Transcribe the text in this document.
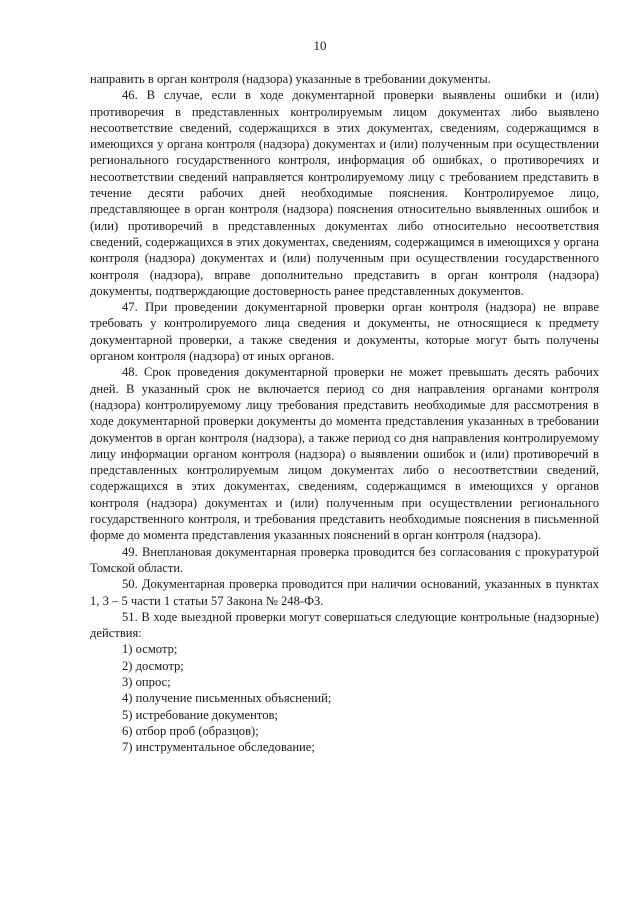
10

направить в орган контроля (надзора) указанные в требовании документы.

46. В случае, если в ходе документарной проверки выявлены ошибки и (или) противоречия в представленных контролируемым лицом документах либо выявлено несоответствие сведений, содержащихся в этих документах, сведениям, содержащимся в имеющихся у органа контроля (надзора) документах и (или) полученным при осуществлении регионального государственного контроля, информация об ошибках, о противоречиях и несоответствии сведений направляется контролируемому лицу с требованием представить в течение десяти рабочих дней необходимые пояснения. Контролируемое лицо, представляющее в орган контроля (надзора) пояснения относительно выявленных ошибок и (или) противоречий в представленных документах либо относительно несоответствия сведений, содержащихся в этих документах, сведениям, содержащимся в имеющихся у органа контроля (надзора) документах и (или) полученным при осуществлении государственного контроля (надзора), вправе дополнительно представить в орган контроля (надзора) документы, подтверждающие достоверность ранее представленных документов.

47. При проведении документарной проверки орган контроля (надзора) не вправе требовать у контролируемого лица сведения и документы, не относящиеся к предмету документарной проверки, а также сведения и документы, которые могут быть получены органом контроля (надзора) от иных органов.

48. Срок проведения документарной проверки не может превышать десять рабочих дней. В указанный срок не включается период со дня направления органами контроля (надзора) контролируемому лицу требования представить необходимые для рассмотрения в ходе документарной проверки документы до момента представления указанных в требовании документов в орган контроля (надзора), а также период со дня направления контролируемому лицу информации органом контроля (надзора) о выявлении ошибок и (или) противоречий в представленных контролируемым лицом документах либо о несоответствии сведений, содержащихся в этих документах, сведениям, содержащимся в имеющихся у органов контроля (надзора) документах и (или) полученным при осуществлении регионального государственного контроля, и требования представить необходимые пояснения в письменной форме до момента представления указанных пояснений в орган контроля (надзора).

49. Внеплановая документарная проверка проводится без согласования с прокуратурой Томской области.

50. Документарная проверка проводится при наличии оснований, указанных в пунктах 1, 3 – 5 части 1 статьи 57 Закона № 248-ФЗ.

51. В ходе выездной проверки могут совершаться следующие контрольные (надзорные) действия:

1) осмотр;
2) досмотр;
3) опрос;
4) получение письменных объяснений;
5) истребование документов;
6) отбор проб (образцов);
7) инструментальное обследование;
